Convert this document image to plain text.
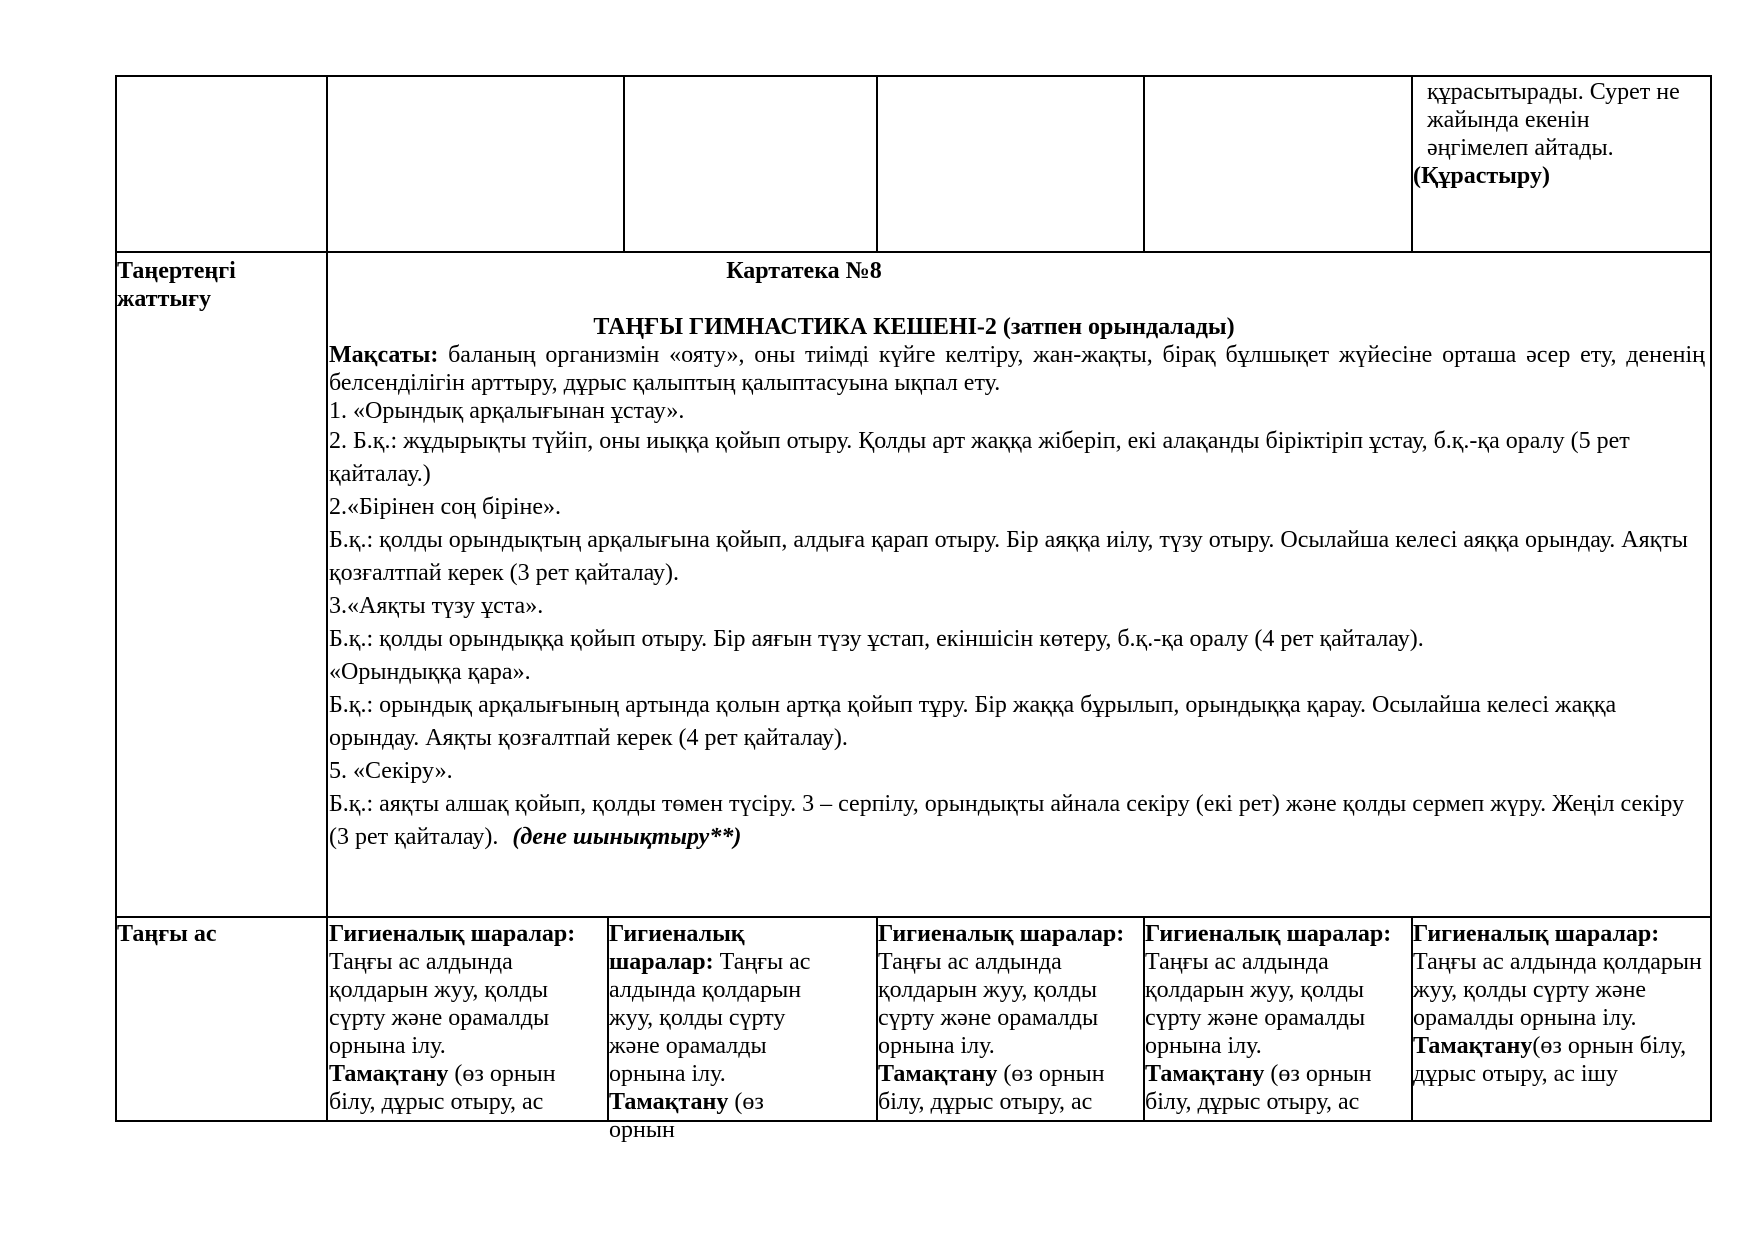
құрасытырады. Сурет не
жайында екенін
әңгімелеп айтады.
(Құрастыру)
Таңертеңгі жаттығу
Картатека №8
ТАҢҒЫ ГИМНАСТИКА КЕШЕНІ-2 (затпен орындалады)

Мақсаты: баланың организмін «ояту», оны тиімді күйге келтіру, жан-жақты, бірақ бұлшықет жүйесіне орташа әсер ету, дененің белсенділігін арттыру, дұрыс қалыптың қалыптасуына ықпал ету.

1. «Орындық арқалығынан ұстау».
2. Б.қ.: жұдырықты түйіп, оны иыққа қойып отыру. Қолды арт жаққа жіберіп, екі алақанды біріктіріп ұстау, б.қ.-қа оралу (5 рет қайталау.)
2.«Бірінен соң біріне».
Б.қ.: қолды орындықтың арқалығына қойып, алдыға қарап отыру. Бір аяққа иілу, түзу отыру. Осылайша келесі аяққа орындау. Аяқты қозғалтпай керек (3 рет қайталау).
3.«Аяқты түзу ұста».
Б.қ.: қолды орындыққа қойып отыру. Бір аяғын түзу ұстап, екіншісін көтеру, б.қ.-қа оралу (4 рет қайталау).
«Орындыққа қара».
Б.қ.: орындық арқалығының артында қолын артқа қойып тұру. Бір жаққа бұрылып, орындыққа қарау. Осылайша келесі жаққа орындау. Аяқты қозғалтпай керек (4 рет қайталау).
5. «Секіру».
Б.қ.: аяқты алшақ қойып, қолды төмен түсіру. 3 – серпілу, орындықты айнала секіру (екі рет) және қолды сермеп жүру. Жеңіл секіру (3 рет қайталау). (дене шынықтыру**)
Таңғы ас	Гигиеналық шаралар: Таңғы ас алдында қолдарын жуу, қолды сүрту және орамалды орнына ілу.
Тамақтану (өз орнын білу, дұрыс отыру, ас
Гигиеналық шаралар: Таңғы ас алдында қолдарын жуу, қолды сүрту және орамалды орнына ілу.
Тамақтану (өз орнын
Гигиеналық шаралар: Таңғы ас алдында қолдарын жуу, қолды сүрту және орамалды орнына ілу.
Тамақтану (өз орнын білу, дұрыс отыру, ас
Гигиеналық шаралар: Таңғы ас алдында қолдарын жуу, қолды сүрту және орамалды орнына ілу.
Тамақтану (өз орнын білу, дұрыс отыру, ас
Гигиеналық шаралар: Таңғы ас алдында қолдарын жуу, қолды сүрту және орамалды орнына ілу.
Тамақтану(өз орнын білу, дұрыс отыру, ас ішу
